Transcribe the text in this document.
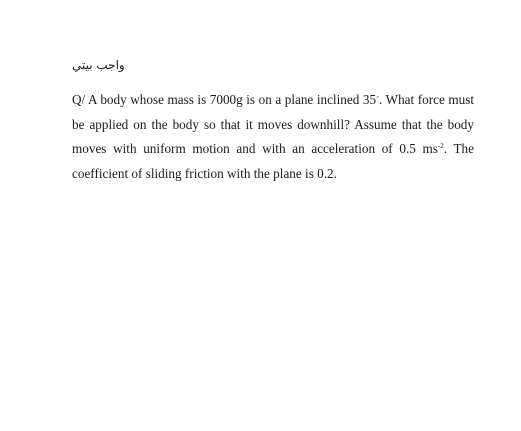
واجب بيتي

Q/ A body whose mass is 7000g is on a plane inclined 35◦. What force must be applied on the body so that it moves downhill? Assume that the body moves with uniform motion and with an acceleration of 0.5 $ms^{-2}$. The coefficient of sliding friction with the plane is 0.2.
